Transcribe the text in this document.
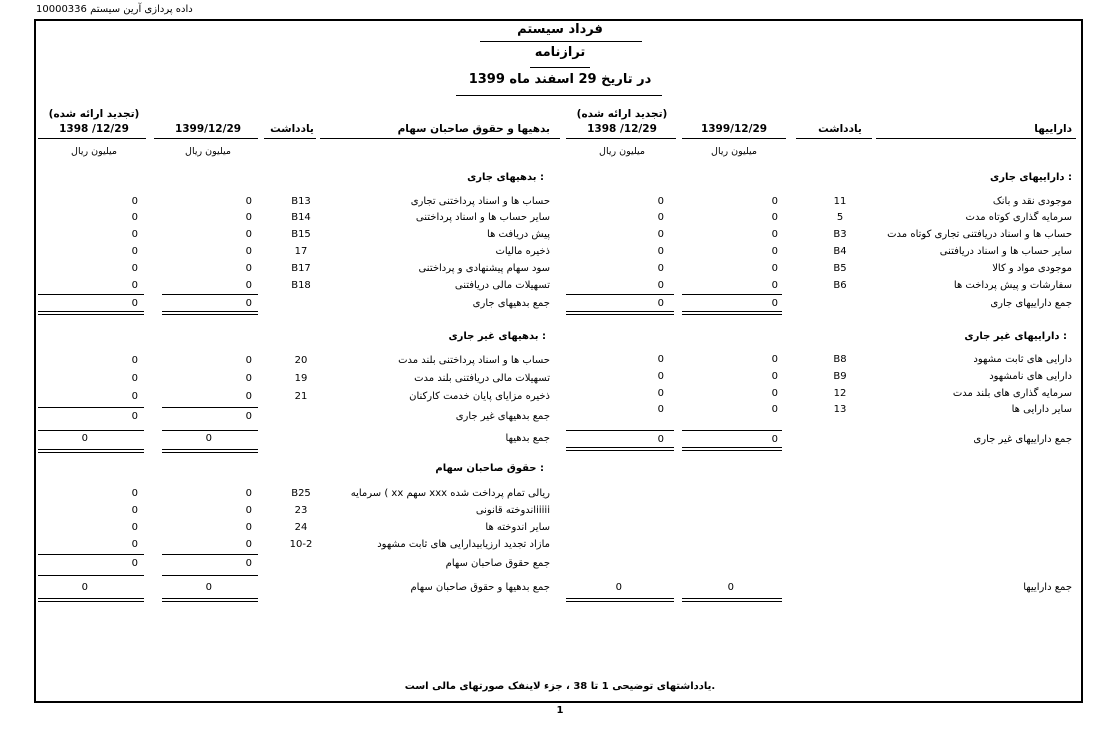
داده پردازی آرین سیستم 10000336
فرداد سیستم
ترازنامه
در تاریخ 29 اسفند ماه 1399
داراییها
یادداشت
1399/12/29
(تجدید ارائه شده)
1398 /12/29
میلیون ریال
میلیون ریال
بدهیها و حقوق صاحبان سهام
یادداشت
1399/12/29
(تجدید ارائه شده)
1398 /12/29
میلیون ریال
میلیون ریال
داراییهای جاری :
بدهیهای جاری :
داراییهای غیر جاری :
بدهیهای غیر جاری :
حقوق صاحبان سهام :
موجودی نقد و بانک
11
0
0
سرمایه گذاری کوتاه مدت
5
0
0
حساب ها و اسناد دریافتنی تجاری کوتاه مدت
B3
0
0
سایر حساب ها و اسناد دریافتنی
B4
0
0
موجودی مواد و کالا
B5
0
0
سفارشات و پیش پرداخت ها
B6
0
0
جمع داراییهای جاری
0
0
حساب ها و اسناد پرداختنی تجاری
B13
0
0
سایر حساب ها و اسناد پرداختنی
B14
0
0
پیش دریافت ها
B15
0
0
ذخیره مالیات
17
0
0
سود سهام پیشنهادی و پرداختنی
B17
0
0
تسهیلات مالی دریافتنی
B18
0
0
جمع بدهیهای جاری
0
0
دارایی های ثابت مشهود
B8
0
0
دارایی های نامشهود
B9
0
0
سرمایه گذاری های بلند مدت
12
0
0
سایر دارایی ها
13
0
0
جمع داراییهای غیر جاری
0
0
حساب ها و اسناد پرداختنی بلند مدت
20
0
0
تسهیلات مالی دریافتنی بلند مدت
19
0
0
ذخیره مزایای پایان خدمت کارکنان
21
0
0
جمع بدهیهای غیر جاری
0
0
جمع بدهیها
0
0
سرمایه ( xx سهم xxx ریالی تمام پرداخت شده
B25
0
0
اندوخته قانونیiiiii
23
0
0
سایر اندوخته ها
24
0
0
مازاد تجدید ارزیابیدارایی های ثابت مشهود
10-2
0
0
جمع حقوق صاحبان سهام
0
0
جمع بدهیها و حقوق صاحبان سهام
0
0	جمع داراییها
0
0
یادداشتهای توضیحی 1 تا 38 ، جزء لاینفک صورتهای مالی است.
1
